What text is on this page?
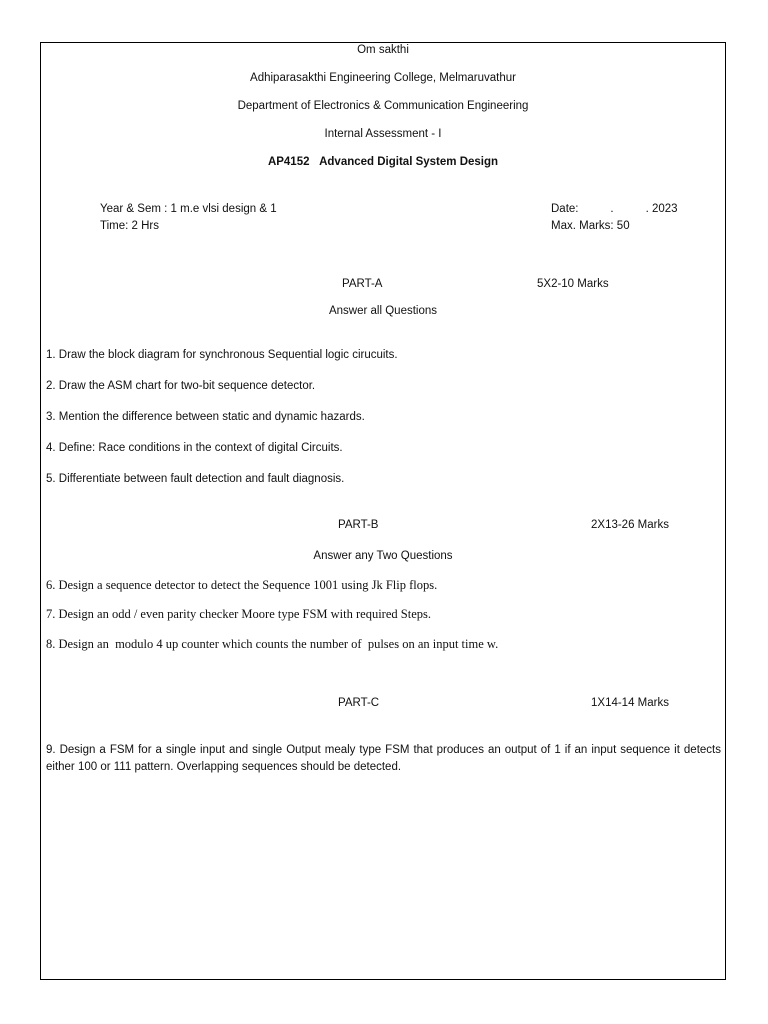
Om sakthi
Adhiparasakthi Engineering College, Melmaruvathur
Department of Electronics & Communication Engineering
Internal Assessment - I
AP4152 Advanced Digital System Design
Year & Sem : 1 m.e vlsi design & 1
Time: 2 Hrs
Date:          .          . 2023
Max. Marks: 50
PART-A	5X2-10 Marks
Answer all Questions
1. Draw the block diagram for synchronous Sequential logic cirucuits.
2. Draw the ASM chart for two-bit sequence detector.
3. Mention the difference between static and dynamic hazards.
4. Define: Race conditions in the context of digital Circuits.
5. Differentiate between fault detection and fault diagnosis.
PART-B	2X13-26 Marks
Answer any Two Questions
6. Design a sequence detector to detect the Sequence 1001 using Jk Flip flops.
7. Design an odd / even parity checker Moore type FSM with required Steps.
8. Design an  modulo 4 up counter which counts the number of  pulses on an input time w.
PART-C	1X14-14 Marks
9. Design a FSM for a single input and single Output mealy type FSM that produces an output of 1 if an input sequence it detects either 100 or 111 pattern. Overlapping sequences should be detected.
